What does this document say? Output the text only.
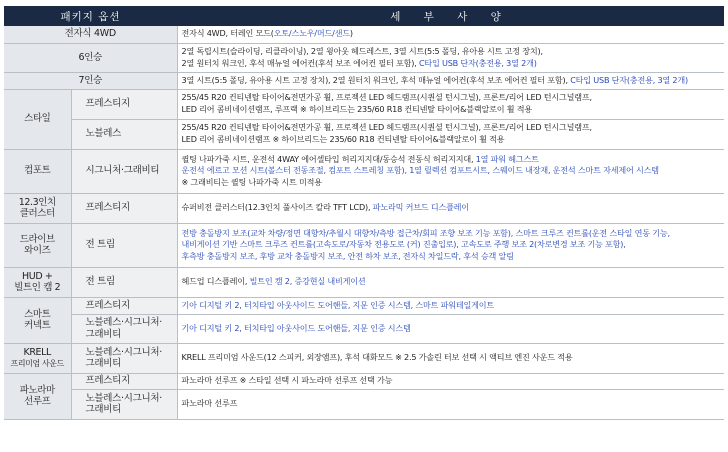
패키지 옵션		세 부 사 양
전자식 4WD		전자식 4WD, 터레인 모드(오토/스노우/머드/샌드)
6인승		2열 독립시트(슬라이딩, 리클라이닝), 2열 윙아웃 헤드레스트, 3열 시트(5:5 폴딩, 유아용 시트 고정 장치),
2열 원터치 워크인, 후석 매뉴얼 에어컨(후석 보조 에어컨 필터 포함), C타입 USB 단자(충전용, 3열 2개)
7인승		3열 시트(5:5 폴딩, 유아용 시트 고정 장치), 2열 원터치 워크인, 후석 매뉴얼 에어컨(후석 보조 에어컨 필터 포함), C타입 USB 단자(충전용, 3열 2개)
스타일	프레스티지	255/45 R20 컨티넨탈 타이어&전면가공 휠, 프로젝션 LED 헤드램프(시퀀셜 턴시그널), 프론트/리어 LED 턴시그널램프,
LED 리어 콤비네이션램프, 루프랙 ※ 하이브리드는 235/60 R18 컨티넨탈 타이어&블랙알로이 휠 적용
	노블레스	255/45 R20 컨티넨탈 타이어&전면가공 휠, 프로젝션 LED 헤드램프(시퀀셜 턴시그널), 프론트/리어 LED 턴시그널램프,
LED 리어 콤비네이션램프 ※ 하이브리드는 235/60 R18 컨티넨탈 타이어&블랙알로이 휠 적용
컴포트	시그니처·그래비티	퀼팅 나파가죽 시트, 운전석 4WAY 에어셀타입 허리지지대/동승석 전동식 허리지지대, 1열 파워 헤그스트
운전석 에르고 모션 시트(볼스터 전동조절, 컴포트 스트레칭 포함), 1열 릴렉션 컴포트시트, 스웨이드 내장재, 운전석 스마트 자세제어 시스템
※ 그래비티는 퀼팅 나파가죽 시트 미적용
12.3인치
클러스터	프레스티지	슈퍼비전 클러스터(12.3인치 풀사이즈 칼라 TFT LCD), 파노라믹 커브드 디스플레이
드라이브
와이즈	전 트림	전방 충돌방지 보조(교차 차량/정면 대향차/추월시 대향차/측방 접근차/회피 조향 보조 기능 포함), 스마트 크루즈 컨트롤(운전 스타일 연동 기능,
내비게이션 기반 스마트 크루즈 컨트롤(고속도로/자동차 전용도로 (커) 진출입로), 고속도로 주행 보조 2(차로변경 보조 기능 포함),
후측방 충돌방지 보조, 후방 교차 충돌방지 보조, 안전 하차 보조, 전자식 차일드락, 후석 승객 알림
HUD +
빌트인 캠 2	전 트림	헤드업 디스플레이, 빌트인 캠 2, 증강현실 내비게이션
스마트
커넥트	프레스티지	기아 디지털 키 2, 터치타입 아웃사이드 도어핸들, 지문 인증 시스템, 스마트 파워테일게이트
	노블레스·시그니처·
그래비티	기아 디지털 키 2, 터치타입 아웃사이드 도어핸들, 지문 인증 시스템
KRELL
프리미엄 사운드	노블레스·시그니처·
그래비티	KRELL 프리미엄 사운드(12 스피커, 외장앰프), 후석 대화모드 ※ 2.5 가솔린 터보 선택 시 액티브 엔진 사운드 적용
파노라마
선루프	프레스티지	파노라마 선루프 ※ 스타일 선택 시 파노라마 선루프 선택 가능
	노블레스·시그니처·
그래비티	파노라마 선루프
